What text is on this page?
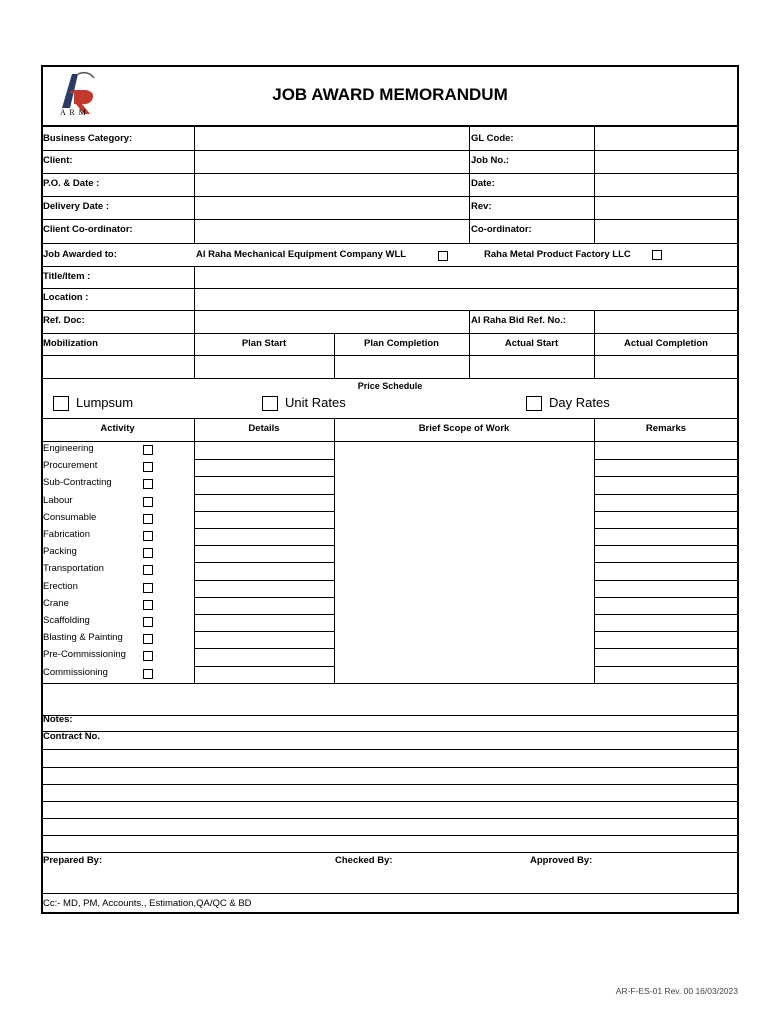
A R M
JOB AWARD MEMORANDUM
Business Category:	GL Code:
Client:	Job No.:
P.O. & Date :	Date:
Delivery Date :	Rev:
Client Co-ordinator:	Co-ordinator:
Job Awarded to:	Al Raha Mechanical Equipment Company WLL	Raha Metal Product Factory LLC
Title/Item :
Location :
Ref. Doc:	Al Raha Bid Ref. No.:
Mobilization	Plan Start	Plan Completion	Actual Start	Actual Completion
Price Schedule
Lumpsum	Unit Rates	Day Rates
Activity	Details	Brief Scope of Work	Remarks
Engineering
Procurement
Sub-Contracting
Labour
Consumable
Fabrication
Packing
Transportation
Erection
Crane
Scaffolding
Blasting & Painting
Pre-Commissioning
Commissioning
Notes:
Contract No.
Prepared By:	Checked By:	Approved By:
Cc:- MD, PM, Accounts., Estimation,QA/QC & BD
AR-F-ES-01 Rev. 00 16/03/2023
